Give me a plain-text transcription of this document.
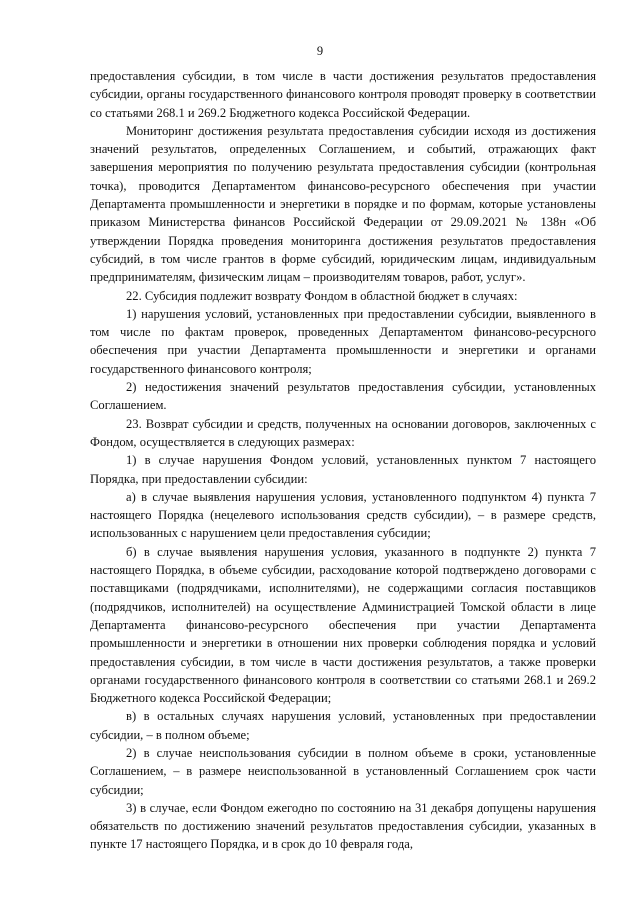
9

предоставления субсидии, в том числе в части достижения результатов предоставления субсидии, органы государственного финансового контроля проводят проверку в соответствии со статьями 268.1 и 269.2 Бюджетного кодекса Российской Федерации.

Мониторинг достижения результата предоставления субсидии исходя из достижения значений результатов, определенных Соглашением, и событий, отражающих факт завершения мероприятия по получению результата предоставления субсидии (контрольная точка), проводится Департаментом финансово-ресурсного обеспечения при участии Департамента промышленности и энергетики в порядке и по формам, которые установлены приказом Министерства финансов Российской Федерации от 29.09.2021 № 138н «Об утверждении Порядка проведения мониторинга достижения результатов предоставления субсидий, в том числе грантов в форме субсидий, юридическим лицам, индивидуальным предпринимателям, физическим лицам – производителям товаров, работ, услуг».

22. Субсидия подлежит возврату Фондом в областной бюджет в случаях:

1) нарушения условий, установленных при предоставлении субсидии, выявленного в том числе по фактам проверок, проведенных Департаментом финансово-ресурсного обеспечения при участии Департамента промышленности и энергетики и органами государственного финансового контроля;

2) недостижения значений результатов предоставления субсидии, установленных Соглашением.

23. Возврат субсидии и средств, полученных на основании договоров, заключенных с Фондом, осуществляется в следующих размерах:

1) в случае нарушения Фондом условий, установленных пунктом 7 настоящего Порядка, при предоставлении субсидии:

а) в случае выявления нарушения условия, установленного подпунктом 4) пункта 7 настоящего Порядка (нецелевого использования средств субсидии), – в размере средств, использованных с нарушением цели предоставления субсидии;

б) в случае выявления нарушения условия, указанного в подпункте 2) пункта 7 настоящего Порядка, в объеме субсидии, расходование которой подтверждено договорами с поставщиками (подрядчиками, исполнителями), не содержащими согласия поставщиков (подрядчиков, исполнителей) на осуществление Администрацией Томской области в лице Департамента финансово-ресурсного обеспечения при участии Департамента промышленности и энергетики в отношении них проверки соблюдения порядка и условий предоставления субсидии, в том числе в части достижения результатов, а также проверки органами государственного финансового контроля в соответствии со статьями 268.1 и 269.2 Бюджетного кодекса Российской Федерации;

в) в остальных случаях нарушения условий, установленных при предоставлении субсидии, – в полном объеме;

2) в случае неиспользования субсидии в полном объеме в сроки, установленные Соглашением, – в размере неиспользованной в установленный Соглашением срок части субсидии;

3) в случае, если Фондом ежегодно по состоянию на 31 декабря допущены нарушения обязательств по достижению значений результатов предоставления субсидии, указанных в пункте 17 настоящего Порядка, и в срок до 10 февраля года,
